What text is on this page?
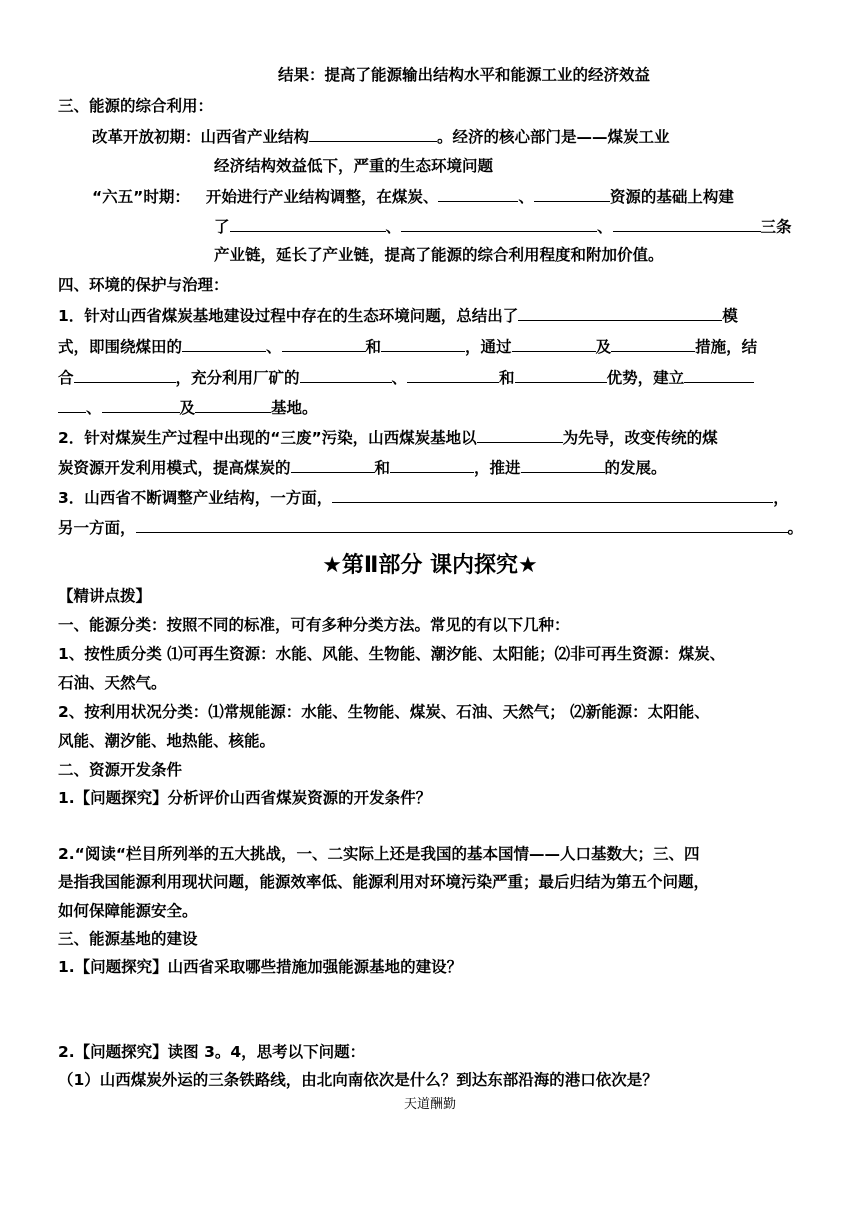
结果：提高了能源输出结构水平和能源工业的经济效益
三、能源的综合利用：
改革开放初期：山西省产业结构	。经济的核心部门是——煤炭工业
经济结构效益低下，严重的生态环境问题
“六五”时期： 开始进行产业结构调整，在煤炭、	、	资源的基础上构建
了	、	、	三条
产业链，延长了产业链，提高了能源的综合利用程度和附加价值。
四、环境的保护与治理：
1．针对山西省煤炭基地建设过程中存在的生态环境问题，总结出了	模
式，即围绕煤田的	、	和	，通过	及	措施，结
合	，充分利用厂矿的	、	和	优势，建立
、	及	基地。
2．针对煤炭生产过程中出现的“三废”污染，山西煤炭基地以	为先导，改变传统的煤
炭资源开发利用模式，提高煤炭的	和	，推进	的发展。
3．山西省不断调整产业结构，一方面，	，
另一方面，	。
★第Ⅱ部分 课内探究★
【精讲点拨】
一、能源分类：按照不同的标准，可有多种分类方法。常见的有以下几种：
1、按性质分类 ⑴可再生资源：水能、风能、生物能、潮汐能、太阳能；⑵非可再生资源：煤炭、
石油、天然气。
2、按利用状况分类：⑴常规能源：水能、生物能、煤炭、石油、天然气； ⑵新能源：太阳能、
风能、潮汐能、地热能、核能。
二、资源开发条件
1.【问题探究】分析评价山西省煤炭资源的开发条件？
2.“阅读“栏目所列举的五大挑战，一、二实际上还是我国的基本国情——人口基数大；三、四
是指我国能源利用现状问题，能源效率低、能源利用对环境污染严重；最后归结为第五个问题，
如何保障能源安全。
三、能源基地的建设
1.【问题探究】山西省采取哪些措施加强能源基地的建设？
2.【问题探究】读图 3。4，思考以下问题：
（1）山西煤炭外运的三条铁路线，由北向南依次是什么？到达东部沿海的港口依次是？
天道酬勤
